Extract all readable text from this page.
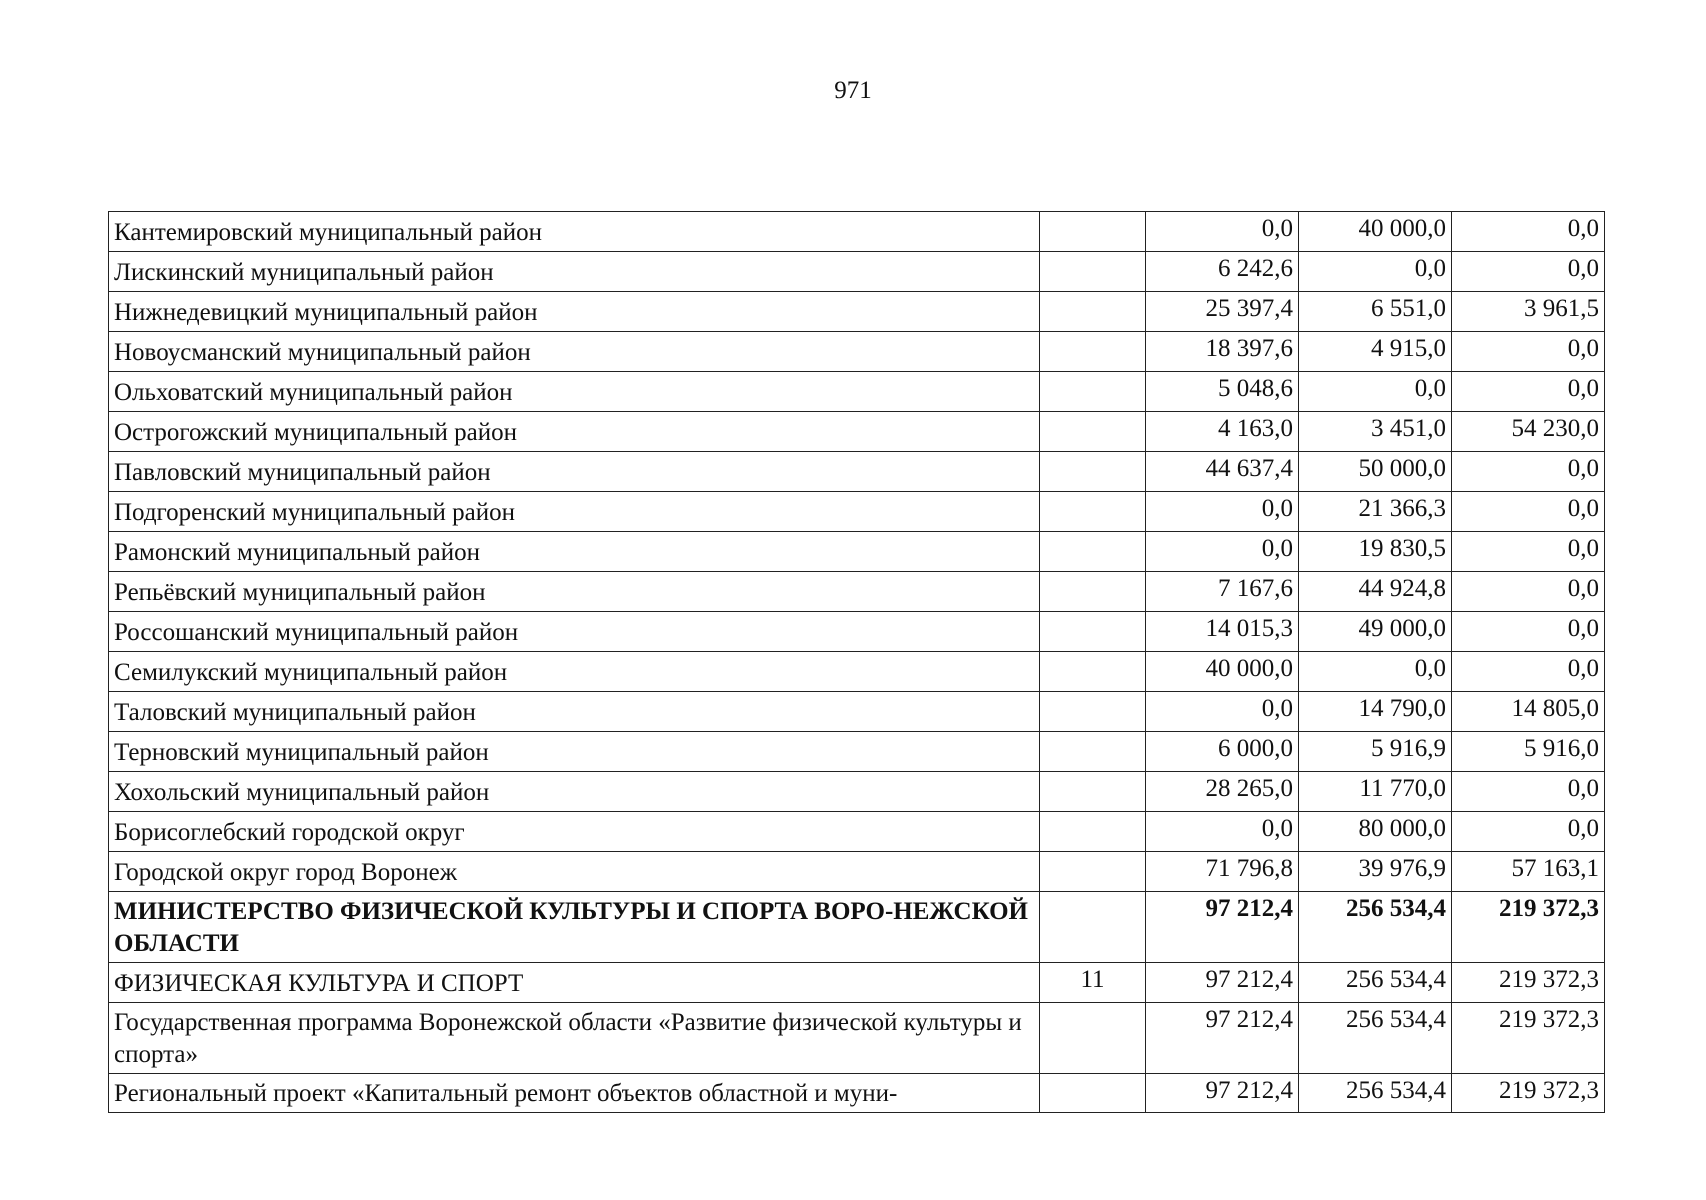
971
Кантемировский муниципальный район		0,0	40 000,0	0,0
Лискинский муниципальный район		6 242,6	0,0	0,0
Нижнедевицкий муниципальный район		25 397,4	6 551,0	3 961,5
Новоусманский муниципальный район		18 397,6	4 915,0	0,0
Ольховатский муниципальный район		5 048,6	0,0	0,0
Острогожский муниципальный район		4 163,0	3 451,0	54 230,0
Павловский муниципальный район		44 637,4	50 000,0	0,0
Подгоренский муниципальный район		0,0	21 366,3	0,0
Рамонский муниципальный район		0,0	19 830,5	0,0
Репьёвский муниципальный район		7 167,6	44 924,8	0,0
Россошанский муниципальный район		14 015,3	49 000,0	0,0
Семилукский муниципальный район		40 000,0	0,0	0,0
Таловский муниципальный район		0,0	14 790,0	14 805,0
Терновский муниципальный район		6 000,0	5 916,9	5 916,0
Хохольский муниципальный район		28 265,0	11 770,0	0,0
Борисоглебский городской округ		0,0	80 000,0	0,0
Городской округ город Воронеж		71 796,8	39 976,9	57 163,1
МИНИСТЕРСТВО ФИЗИЧЕСКОЙ КУЛЬТУРЫ И СПОРТА ВОРО-НЕЖСКОЙ ОБЛАСТИ		97 212,4	256 534,4	219 372,3
ФИЗИЧЕСКАЯ КУЛЬТУРА И СПОРТ	11	97 212,4	256 534,4	219 372,3
Государственная программа Воронежской области «Развитие физической культуры и спорта»		97 212,4	256 534,4	219 372,3
Региональный проект «Капитальный ремонт объектов областной и муни-		97 212,4	256 534,4	219 372,3
